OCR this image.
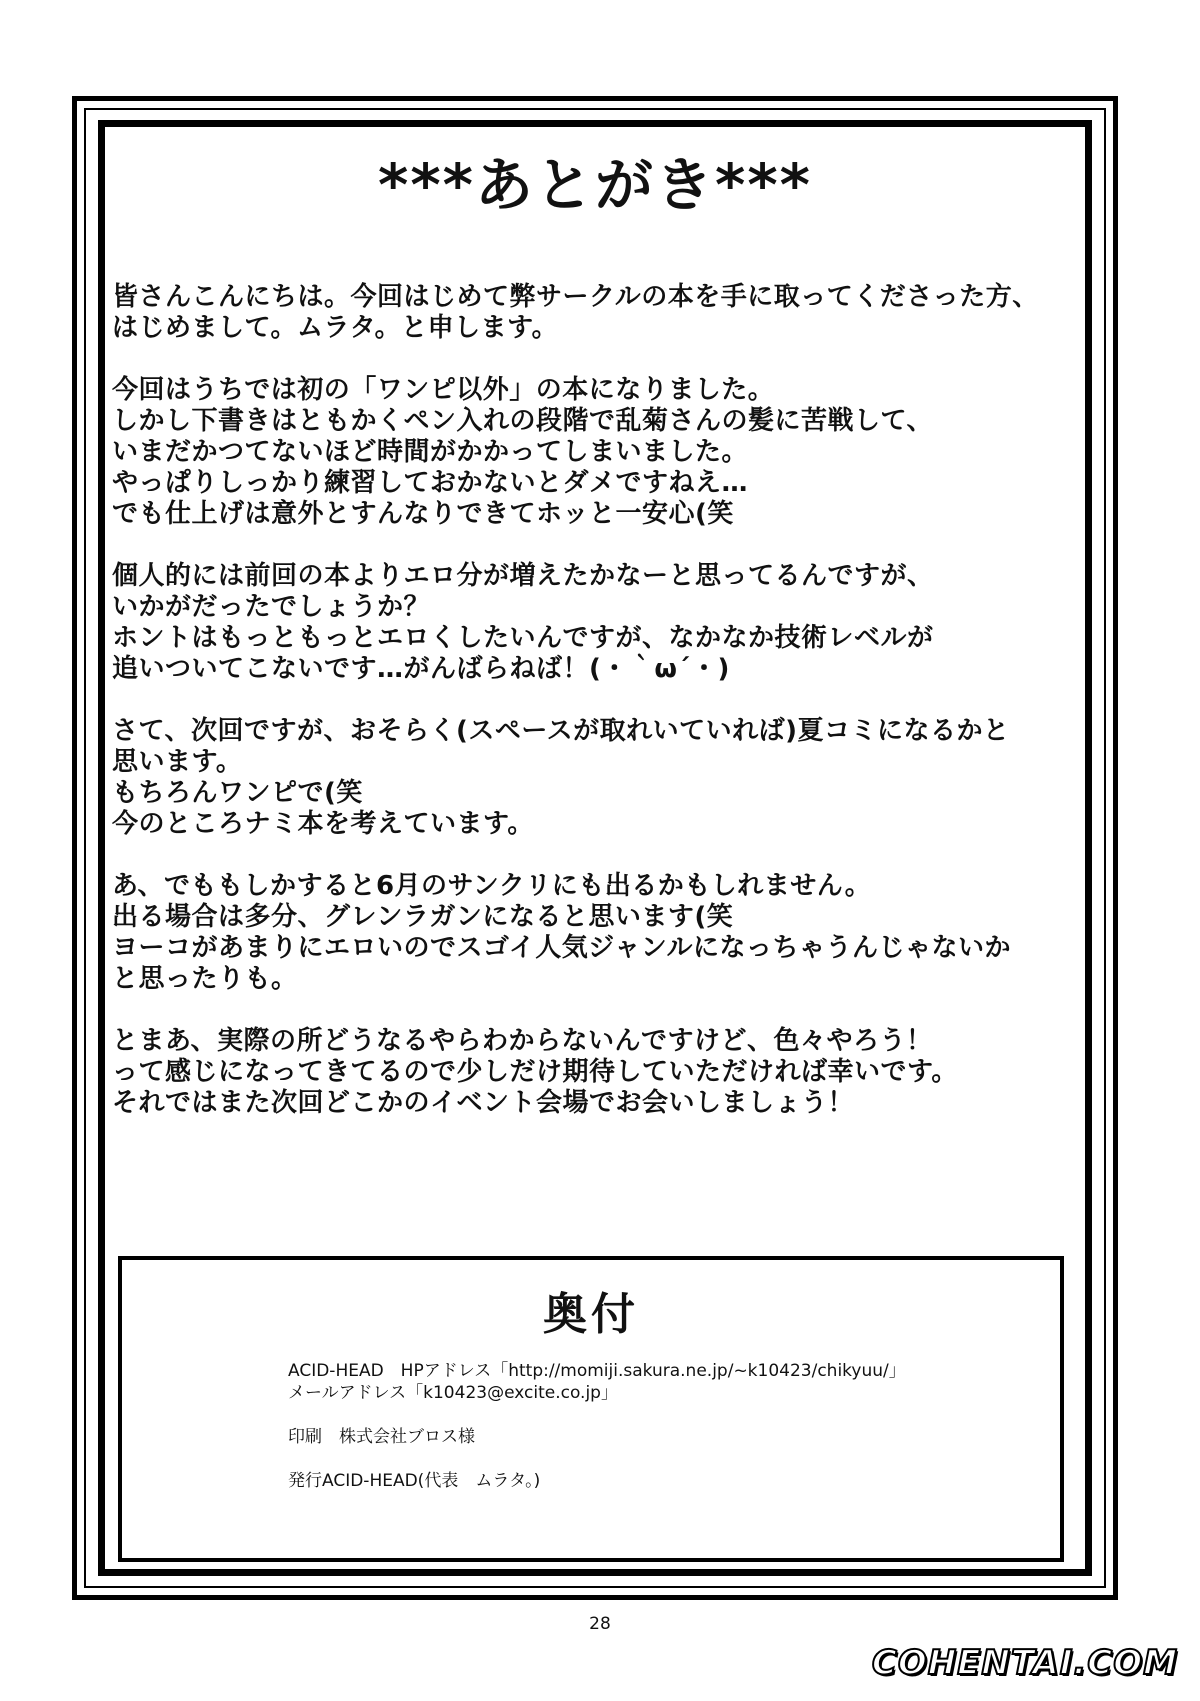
***あとがき***
皆さんこんにちは。今回はじめて弊サークルの本を手に取ってくださった方、
はじめまして。ムラタ。と申します。
今回はうちでは初の「ワンピ以外」の本になりました。
しかし下書きはともかくペン入れの段階で乱菊さんの髪に苦戦して、
いまだかつてないほど時間がかかってしまいました。
やっぱりしっかり練習しておかないとダメですねえ…
でも仕上げは意外とすんなりできてホッと一安心(笑
個人的には前回の本よりエロ分が増えたかなーと思ってるんですが、
いかがだったでしょうか？
ホントはもっともっとエロくしたいんですが、なかなか技術レベルが
追いついてこないです…がんばらねば！(・｀ω´・)
さて、次回ですが、おそらく(スペースが取れいていれば)夏コミになるかと
思います。
もちろんワンピで(笑
今のところナミ本を考えています。
あ、でももしかすると6月のサンクリにも出るかもしれません。
出る場合は多分、グレンラガンになると思います(笑
ヨーコがあまりにエロいのでスゴイ人気ジャンルになっちゃうんじゃないか
と思ったりも。
とまあ、実際の所どうなるやらわからないんですけど、色々やろう！
って感じになってきてるので少しだけ期待していただければ幸いです。
それではまた次回どこかのイベント会場でお会いしましょう！
奥付
ACID-HEAD　HPアドレス「http://momiji.sakura.ne.jp/~k10423/chikyuu/」
メールアドレス「k10423@excite.co.jp」
印刷　株式会社ブロス様
発行ACID-HEAD(代表　ムラタ。)
28
COHENTAI.COM
